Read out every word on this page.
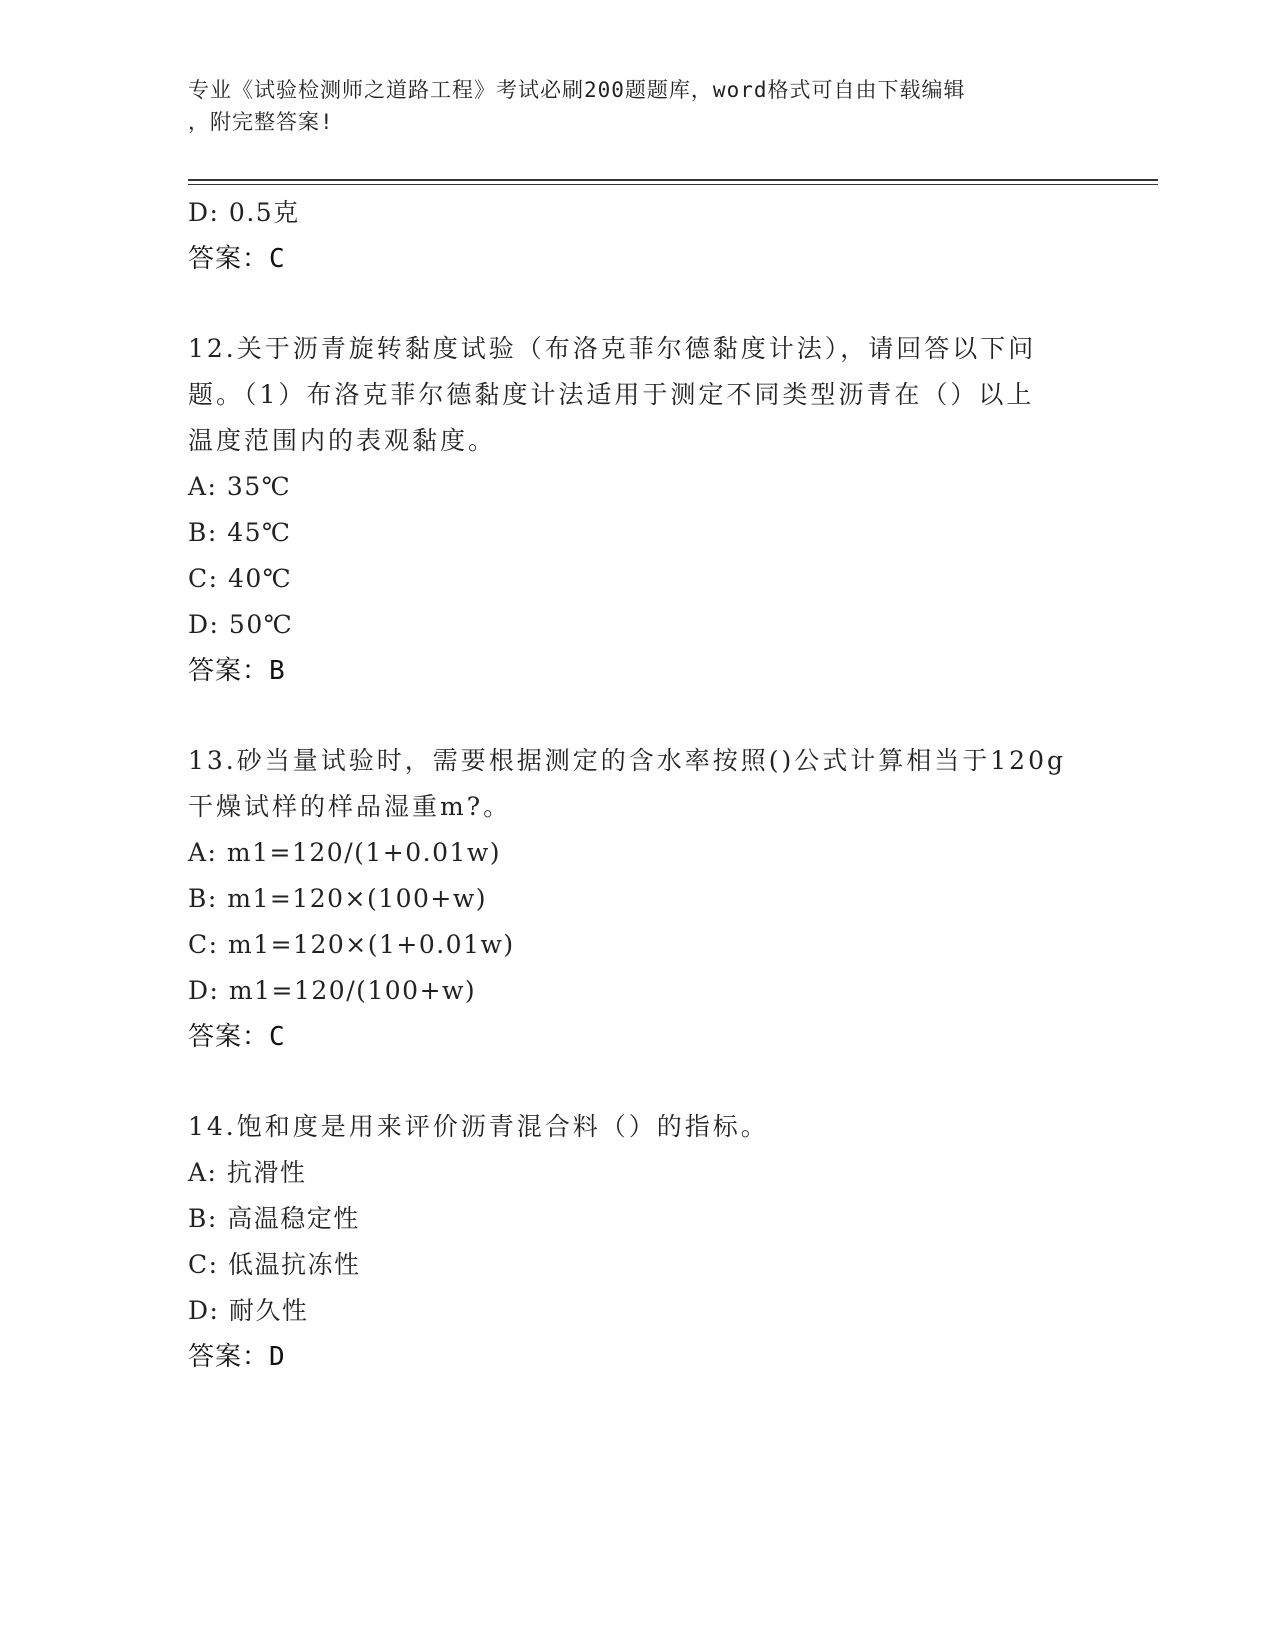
专业《试验检测师之道路工程》考试必刷200题题库，word格式可自由下载编辑
，附完整答案!
D: 0.5克
答案：C
12.关于沥青旋转黏度试验（布洛克菲尔德黏度计法），请回答以下问
题。（1）布洛克菲尔德黏度计法适用于测定不同类型沥青在（）以上
温度范围内的表观黏度。
A: 35℃
B: 45℃
C: 40℃
D: 50℃
答案：B
13.砂当量试验时，需要根据测定的含水率按照()公式计算相当于120g
干燥试样的样品湿重m?。
A: m1=120/(1+0.01w)
B: m1=120×(100+w)
C: m1=120×(1+0.01w)
D: m1=120/(100+w)
答案：C
14.饱和度是用来评价沥青混合料（）的指标。
A: 抗滑性
B: 高温稳定性
C: 低温抗冻性
D: 耐久性
答案：D
